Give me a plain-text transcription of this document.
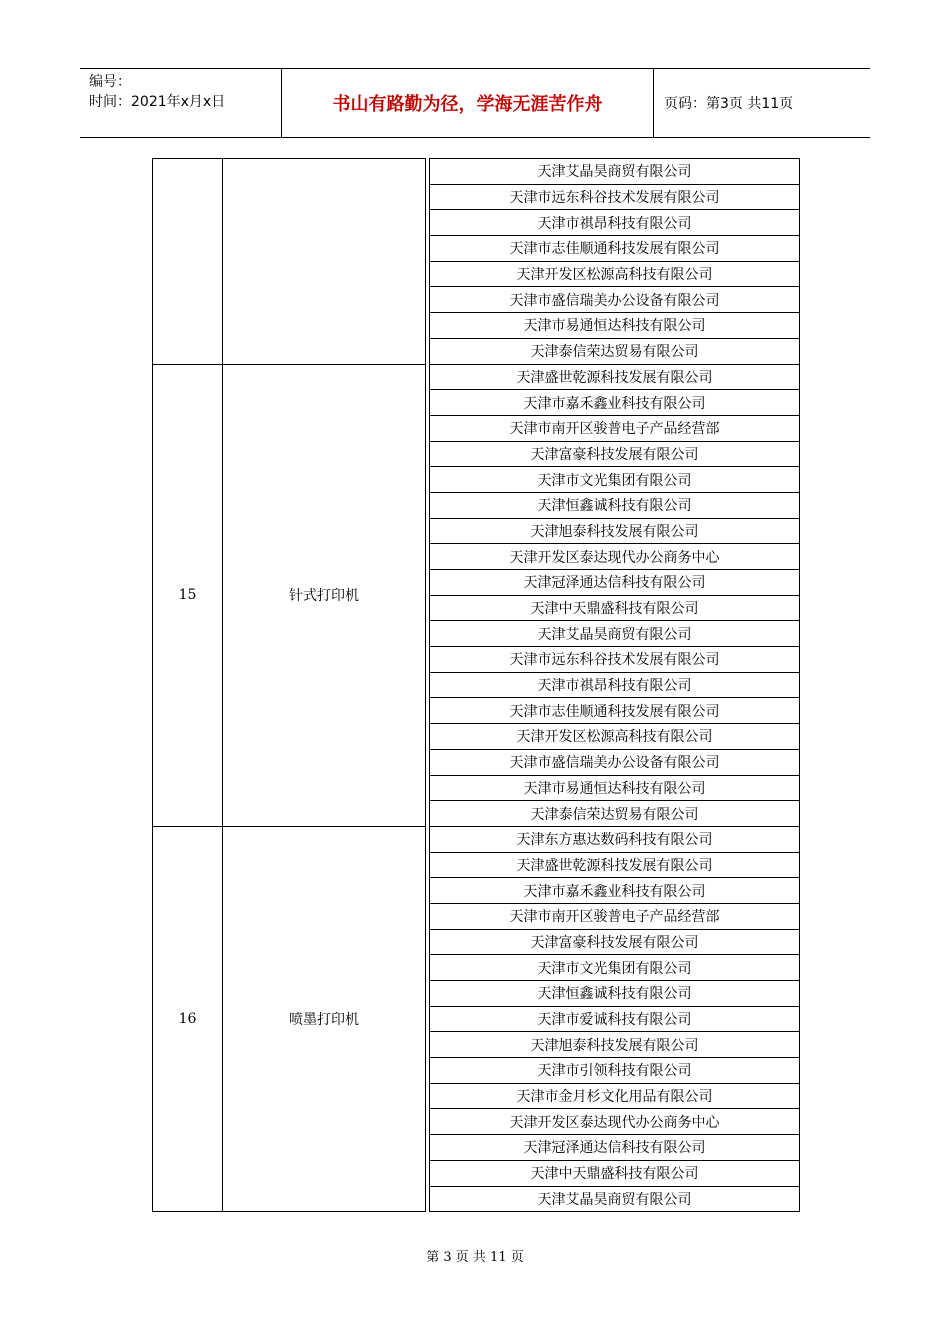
编号：
时间：2021年x月x日	书山有路勤为径，学海无涯苦作舟	页码：第3页 共11页
			天津艾晶昊商贸有限公司
			天津市远东科谷技术发展有限公司
			天津市祺昂科技有限公司
			天津市志佳顺通科技发展有限公司
			天津开发区松源高科技有限公司
			天津市盛信瑞美办公设备有限公司
			天津市易通恒达科技有限公司
			天津泰信荣达贸易有限公司
15	针式打印机		天津盛世乾源科技发展有限公司
			天津市嘉禾鑫业科技有限公司
			天津市南开区骏普电子产品经营部
			天津富豪科技发展有限公司
			天津市文光集团有限公司
			天津恒鑫诚科技有限公司
			天津旭泰科技发展有限公司
			天津开发区泰达现代办公商务中心
			天津冠泽通达信科技有限公司
			天津中天鼎盛科技有限公司
			天津艾晶昊商贸有限公司
			天津市远东科谷技术发展有限公司
			天津市祺昂科技有限公司
			天津市志佳顺通科技发展有限公司
			天津开发区松源高科技有限公司
			天津市盛信瑞美办公设备有限公司
			天津市易通恒达科技有限公司
			天津泰信荣达贸易有限公司
16	喷墨打印机		天津东方惠达数码科技有限公司
			天津盛世乾源科技发展有限公司
			天津市嘉禾鑫业科技有限公司
			天津市南开区骏普电子产品经营部
			天津富豪科技发展有限公司
			天津市文光集团有限公司
			天津恒鑫诚科技有限公司
			天津市爱诚科技有限公司
			天津旭泰科技发展有限公司
			天津市引领科技有限公司
			天津市金月杉文化用品有限公司
			天津开发区泰达现代办公商务中心
			天津冠泽通达信科技有限公司
			天津中天鼎盛科技有限公司
			天津艾晶昊商贸有限公司
第 3 页 共 11 页
